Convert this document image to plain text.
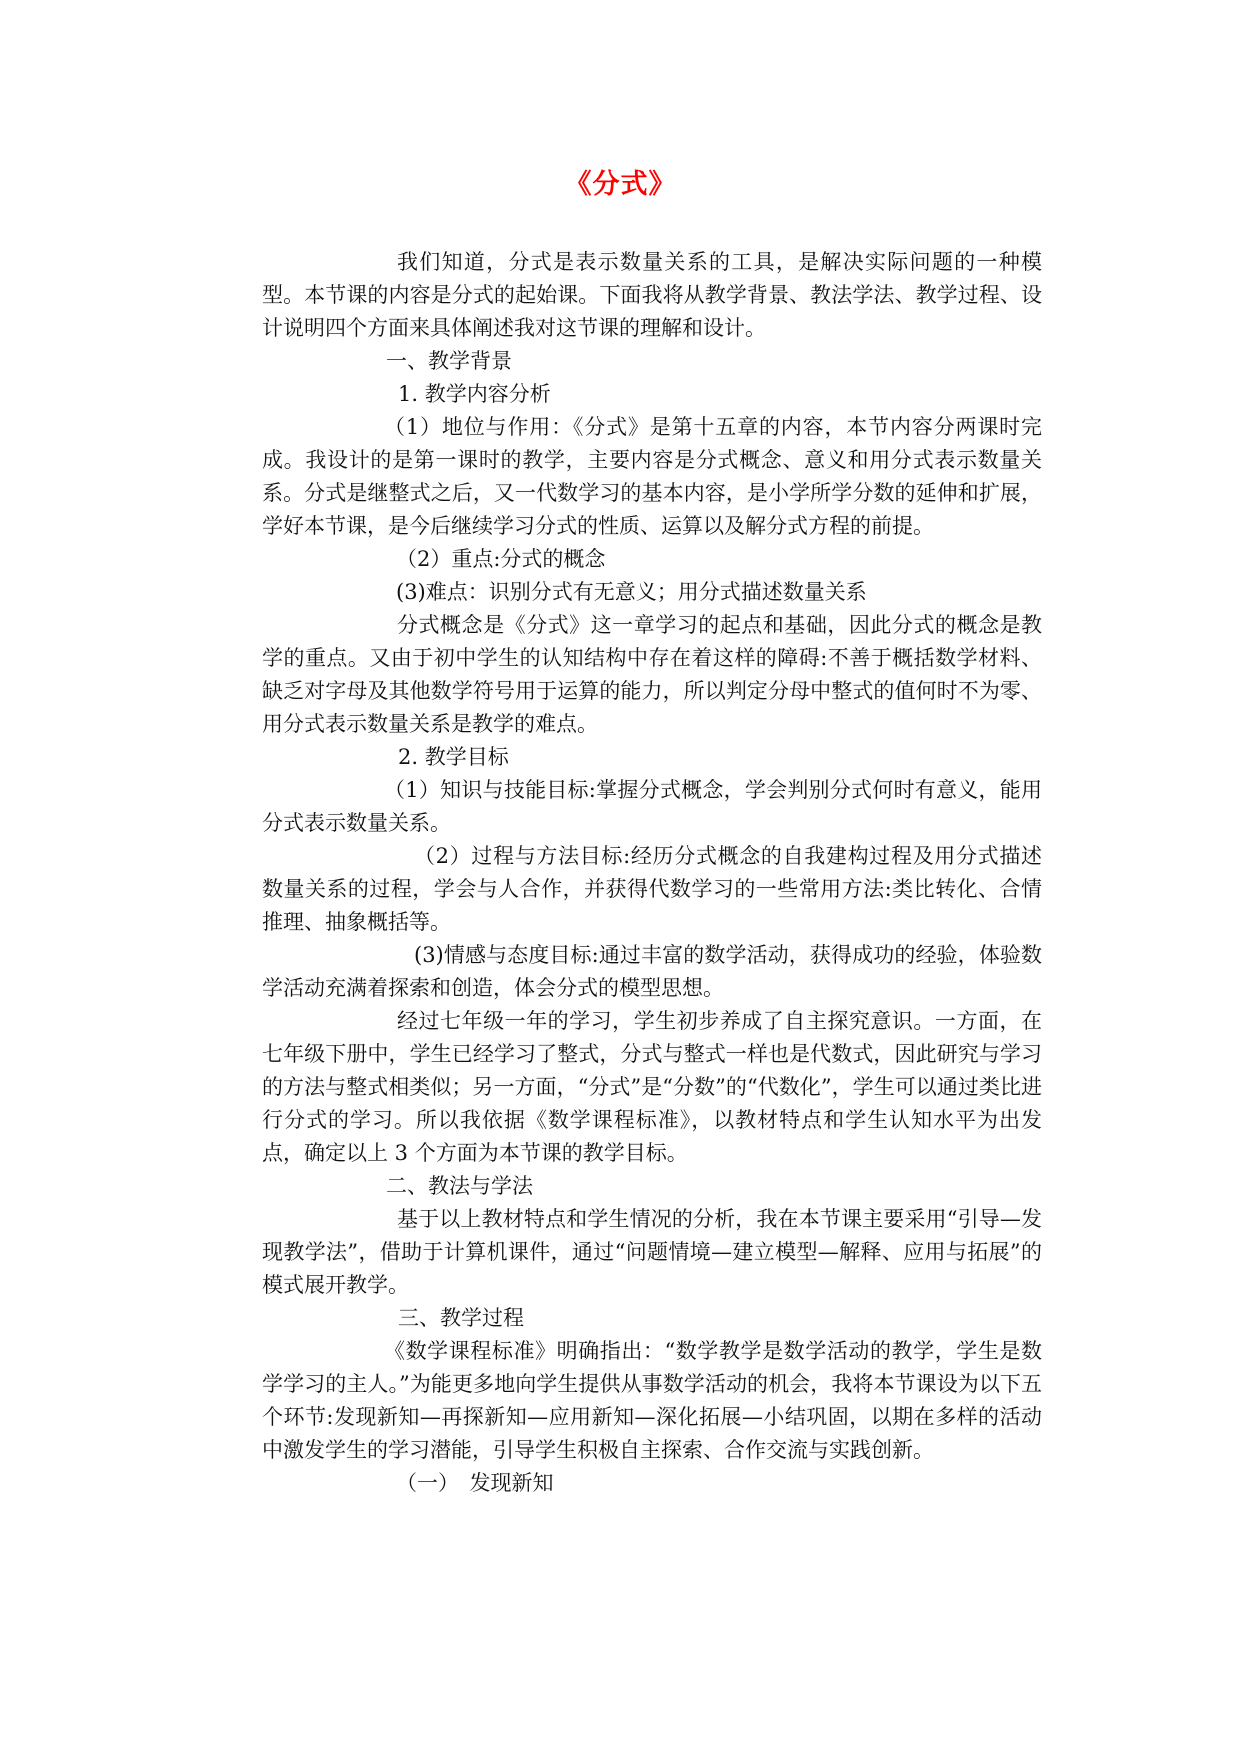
《分式》

我们知道，分式是表示数量关系的工具，是解决实际问题的一种模型。本节课的内容是分式的起始课。下面我将从教学背景、教法学法、教学过程、设计说明四个方面来具体阐述我对这节课的理解和设计。

一、教学背景

1. 教学内容分析

（1）地位与作用：《分式》是第十五章的内容，本节内容分两课时完成。我设计的是第一课时的教学，主要内容是分式概念、意义和用分式表示数量关系。分式是继整式之后，又一代数学习的基本内容，是小学所学分数的延伸和扩展，学好本节课，是今后继续学习分式的性质、运算以及解分式方程的前提。

（2）重点:分式的概念

(3)难点：识别分式有无意义；用分式描述数量关系

分式概念是《分式》这一章学习的起点和基础，因此分式的概念是教学的重点。又由于初中学生的认知结构中存在着这样的障碍:不善于概括数学材料、缺乏对字母及其他数学符号用于运算的能力，所以判定分母中整式的值何时不为零、用分式表示数量关系是教学的难点。

2. 教学目标

（1）知识与技能目标:掌握分式概念，学会判别分式何时有意义，能用分式表示数量关系。

（2）过程与方法目标:经历分式概念的自我建构过程及用分式描述数量关系的过程，学会与人合作，并获得代数学习的一些常用方法:类比转化、合情推理、抽象概括等。

(3)情感与态度目标:通过丰富的数学活动，获得成功的经验，体验数学活动充满着探索和创造，体会分式的模型思想。

经过七年级一年的学习，学生初步养成了自主探究意识。一方面，在七年级下册中，学生已经学习了整式，分式与整式一样也是代数式，因此研究与学习的方法与整式相类似；另一方面，“分式”是“分数”的“代数化”，学生可以通过类比进行分式的学习。所以我依据《数学课程标准》，以教材特点和学生认知水平为出发点，确定以上 3 个方面为本节课的教学目标。

二、教法与学法

基于以上教材特点和学生情况的分析，我在本节课主要采用“引导—发现教学法”，借助于计算机课件，通过“问题情境—建立模型—解释、应用与拓展”的模式展开教学。

三、教学过程

《数学课程标准》明确指出：“数学教学是数学活动的教学，学生是数学学习的主人。”为能更多地向学生提供从事数学活动的机会，我将本节课设为以下五个环节:发现新知—再探新知—应用新知—深化拓展—小结巩固，以期在多样的活动中激发学生的学习潜能，引导学生积极自主探索、合作交流与实践创新。

（一）　发现新知
